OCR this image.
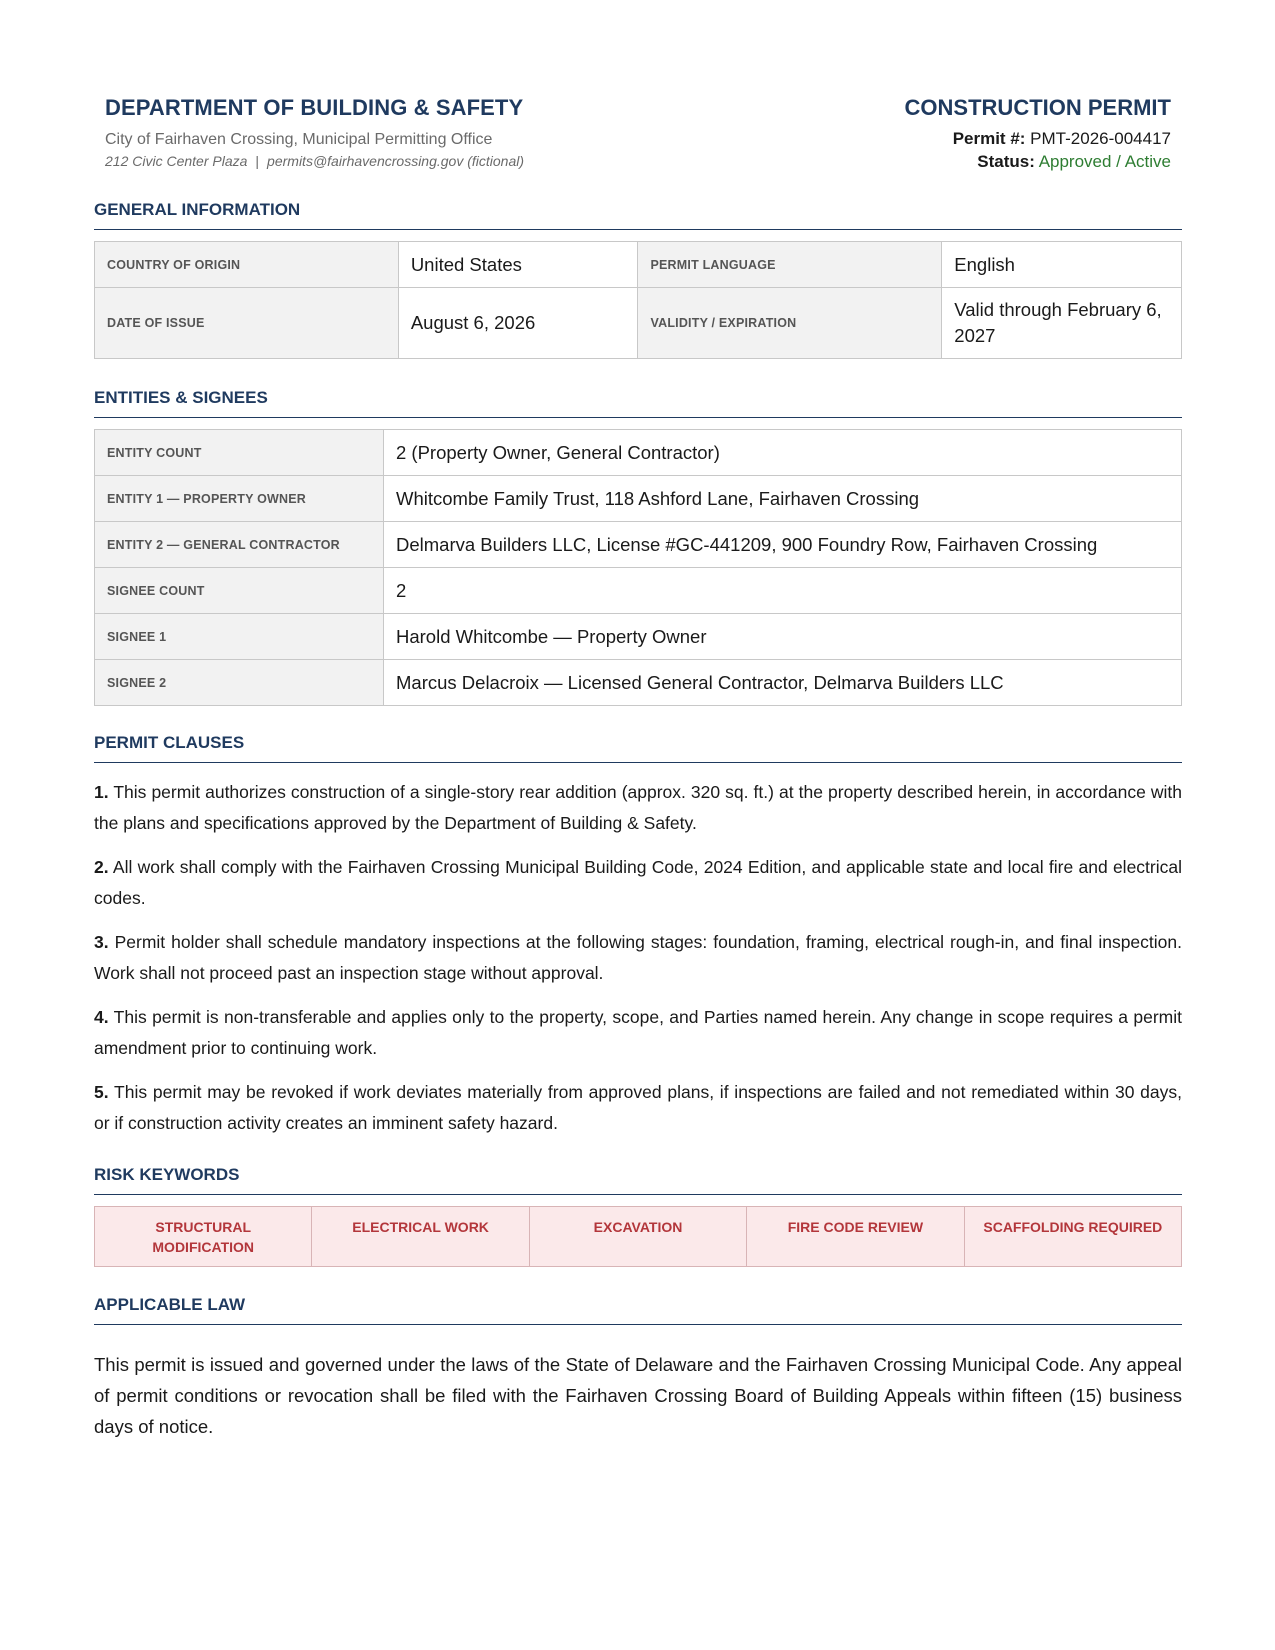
DEPARTMENT OF BUILDING & SAFETY
City of Fairhaven Crossing, Municipal Permitting Office
212 Civic Center Plaza | permits@fairhavencrossing.gov (fictional)
CONSTRUCTION PERMIT
Permit #: PMT-2026-004417
Status: Approved / Active
GENERAL INFORMATION
COUNTRY OF ORIGIN	United States	PERMIT LANGUAGE	English
DATE OF ISSUE	August 6, 2026	VALIDITY / EXPIRATION	Valid through February 6, 2027
ENTITIES & SIGNEES
ENTITY COUNT	2 (Property Owner, General Contractor)
ENTITY 1 — PROPERTY OWNER	Whitcombe Family Trust, 118 Ashford Lane, Fairhaven Crossing
ENTITY 2 — GENERAL CONTRACTOR	Delmarva Builders LLC, License #GC-441209, 900 Foundry Row, Fairhaven Crossing
SIGNEE COUNT	2
SIGNEE 1	Harold Whitcombe — Property Owner
SIGNEE 2	Marcus Delacroix — Licensed General Contractor, Delmarva Builders LLC
PERMIT CLAUSES

1. This permit authorizes construction of a single-story rear addition (approx. 320 sq. ft.) at the property described herein, in accordance with the plans and specifications approved by the Department of Building & Safety.

2. All work shall comply with the Fairhaven Crossing Municipal Building Code, 2024 Edition, and applicable state and local fire and electrical codes.

3. Permit holder shall schedule mandatory inspections at the following stages: foundation, framing, electrical rough-in, and final inspection. Work shall not proceed past an inspection stage without approval.

4. This permit is non-transferable and applies only to the property, scope, and Parties named herein. Any change in scope requires a permit amendment prior to continuing work.

5. This permit may be revoked if work deviates materially from approved plans, if inspections are failed and not remediated within 30 days, or if construction activity creates an imminent safety hazard.

RISK KEYWORDS
STRUCTURAL MODIFICATION
ELECTRICAL WORK	EXCAVATION	FIRE CODE REVIEW	SCAFFOLDING REQUIRED
APPLICABLE LAW

This permit is issued and governed under the laws of the State of Delaware and the Fairhaven Crossing Municipal Code. Any appeal of permit conditions or revocation shall be filed with the Fairhaven Crossing Board of Building Appeals within fifteen (15) business days of notice.
